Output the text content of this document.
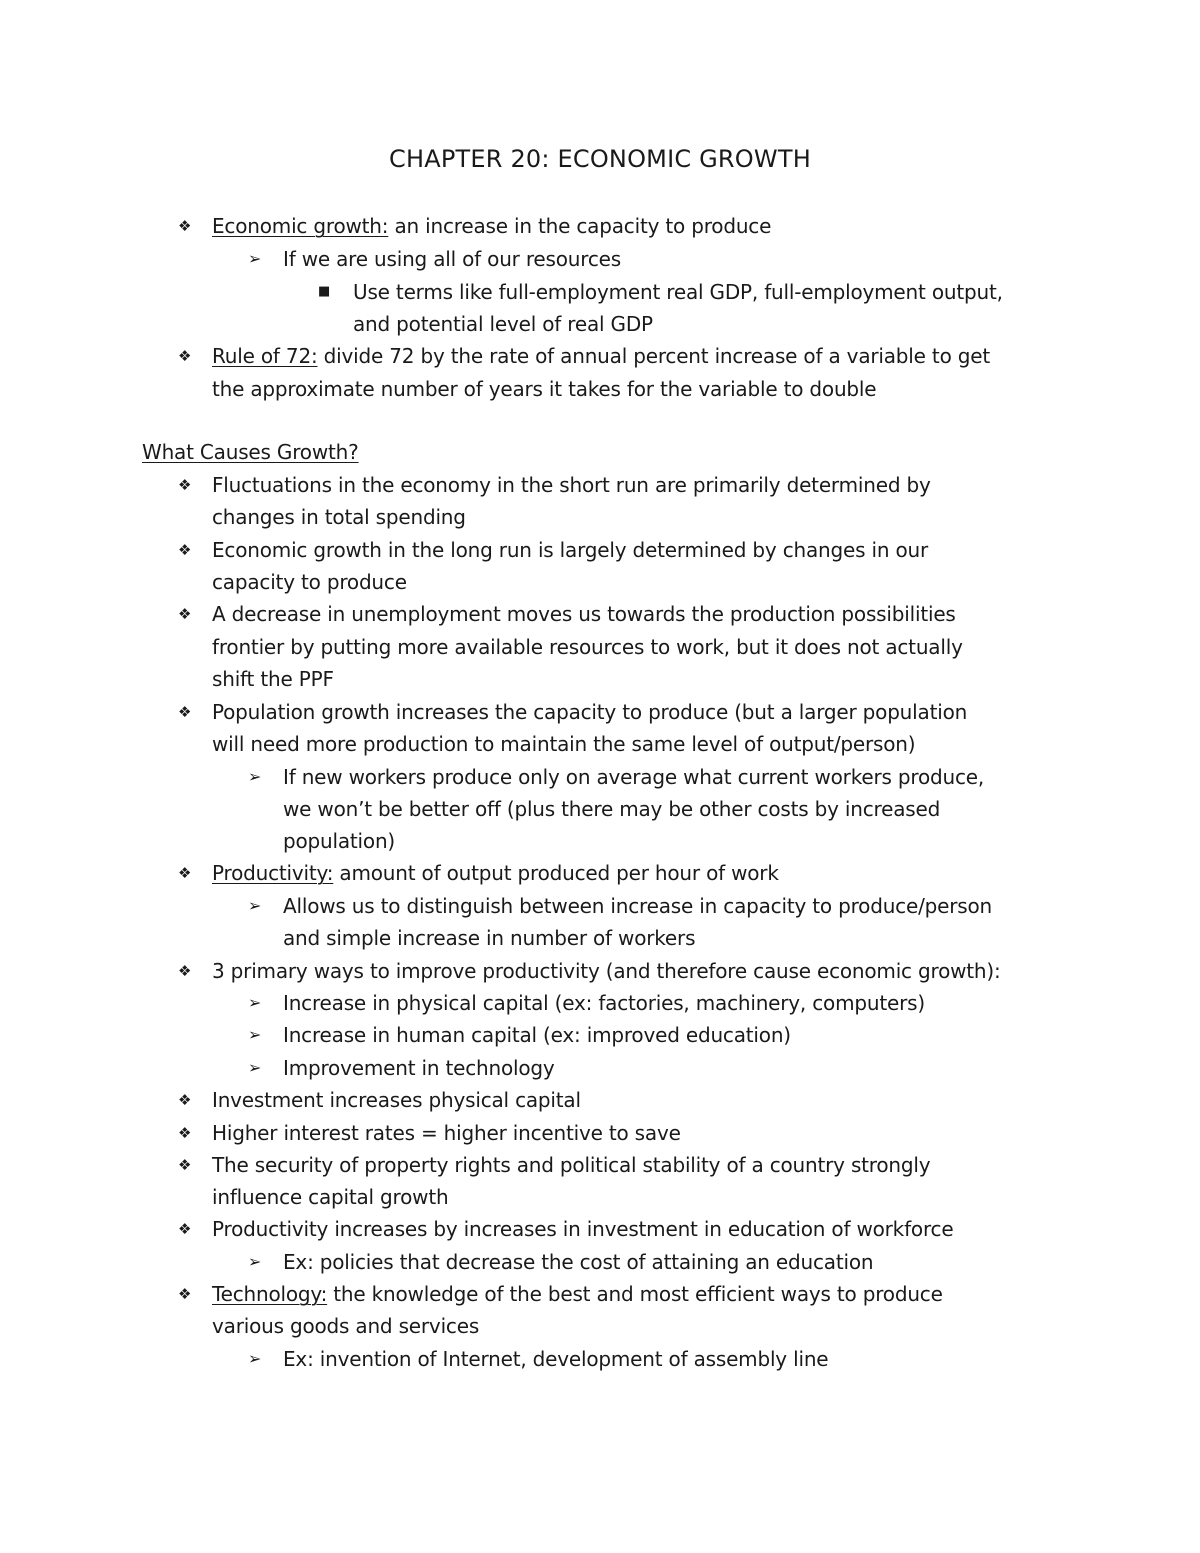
CHAPTER 20: ECONOMIC GROWTH
❖ Economic growth: an increase in the capacity to produce
➢ If we are using all of our resources
■ Use terms like full-employment real GDP, full-employment output,
and potential level of real GDP
❖ Rule of 72: divide 72 by the rate of annual percent increase of a variable to get
the approximate number of years it takes for the variable to double
What Causes Growth?
❖ Fluctuations in the economy in the short run are primarily determined by
changes in total spending
❖ Economic growth in the long run is largely determined by changes in our
capacity to produce
❖ A decrease in unemployment moves us towards the production possibilities
frontier by putting more available resources to work, but it does not actually
shift the PPF
❖ Population growth increases the capacity to produce (but a larger population
will need more production to maintain the same level of output/person)
➢ If new workers produce only on average what current workers produce,
we won’t be better off (plus there may be other costs by increased
population)
❖ Productivity: amount of output produced per hour of work
➢ Allows us to distinguish between increase in capacity to produce/person
and simple increase in number of workers
❖ 3 primary ways to improve productivity (and therefore cause economic growth):
➢ Increase in physical capital (ex: factories, machinery, computers)
➢ Increase in human capital (ex: improved education)
➢ Improvement in technology
❖ Investment increases physical capital
❖ Higher interest rates = higher incentive to save
❖ The security of property rights and political stability of a country strongly
influence capital growth
❖ Productivity increases by increases in investment in education of workforce
➢ Ex: policies that decrease the cost of attaining an education
❖ Technology: the knowledge of the best and most efficient ways to produce
various goods and services
➢ Ex: invention of Internet, development of assembly line
